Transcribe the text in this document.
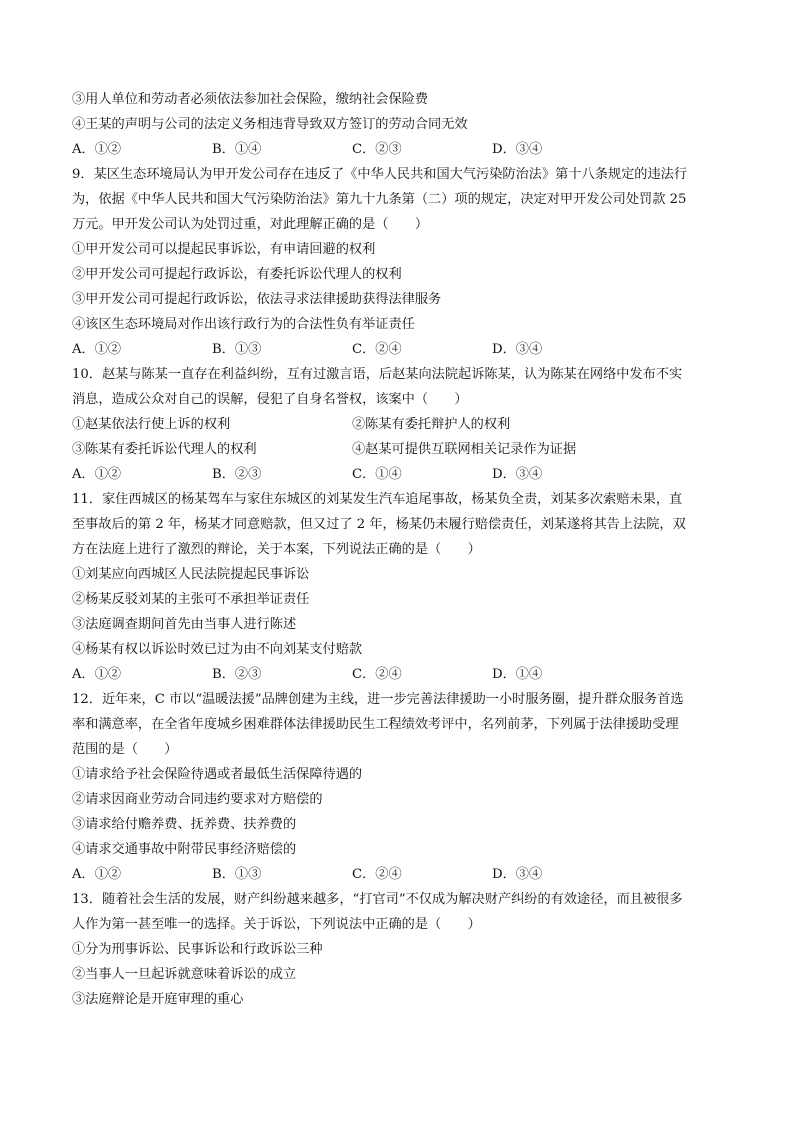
③用人单位和劳动者必须依法参加社会保险，缴纳社会保险费
④王某的声明与公司的法定义务相违背导致双方签订的劳动合同无效
A．①②	B．①④	C．②③	D．③④
9．某区生态环境局认为甲开发公司存在违反了《中华人民共和国大气污染防治法》第十八条规定的违法行
为，依据《中华人民共和国大气污染防治法》第九十九条第（二）项的规定，决定对甲开发公司处罚款 25
万元。甲开发公司认为处罚过重，对此理解正确的是（　　）
①甲开发公司可以提起民事诉讼，有申请回避的权利
②甲开发公司可提起行政诉讼，有委托诉讼代理人的权利
③甲开发公司可提起行政诉讼，依法寻求法律援助获得法律服务
④该区生态环境局对作出该行政行为的合法性负有举证责任
A．①②	B．①③	C．②④	D．③④
10．赵某与陈某一直存在利益纠纷，互有过激言语，后赵某向法院起诉陈某，认为陈某在网络中发布不实
消息，造成公众对自己的误解，侵犯了自身名誉权，该案中（　　）
①赵某依法行使上诉的权利	②陈某有委托辩护人的权利
③陈某有委托诉讼代理人的权利	④赵某可提供互联网相关记录作为证据
A．①②	B．②③	C．①④	D．③④
11．家住西城区的杨某驾车与家住东城区的刘某发生汽车追尾事故，杨某负全责，刘某多次索赔未果，直
至事故后的第 2 年，杨某才同意赔款，但又过了 2 年，杨某仍未履行赔偿责任，刘某遂将其告上法院，双
方在法庭上进行了激烈的辩论，关于本案，下列说法正确的是（　　）
①刘某应向西城区人民法院提起民事诉讼
②杨某反驳刘某的主张可不承担举证责任
③法庭调查期间首先由当事人进行陈述
④杨某有权以诉讼时效已过为由不向刘某支付赔款
A．①②	B．②③	C．②④	D．①④
12．近年来，C 市以“温暖法援”品牌创建为主线，进一步完善法律援助一小时服务圈，提升群众服务首选
率和满意率，在全省年度城乡困难群体法律援助民生工程绩效考评中，名列前茅，下列属于法律援助受理
范围的是（　　）
①请求给予社会保险待遇或者最低生活保障待遇的
②请求因商业劳动合同违约要求对方赔偿的
③请求给付赡养费、抚养费、扶养费的
④请求交通事故中附带民事经济赔偿的
A．①②	B．①③	C．②④	D．③④
13．随着社会生活的发展，财产纠纷越来越多，“打官司”不仅成为解决财产纠纷的有效途径，而且被很多
人作为第一甚至唯一的选择。关于诉讼，下列说法中正确的是（　　）
①分为刑事诉讼、民事诉讼和行政诉讼三种
②当事人一旦起诉就意味着诉讼的成立
③法庭辩论是开庭审理的重心
